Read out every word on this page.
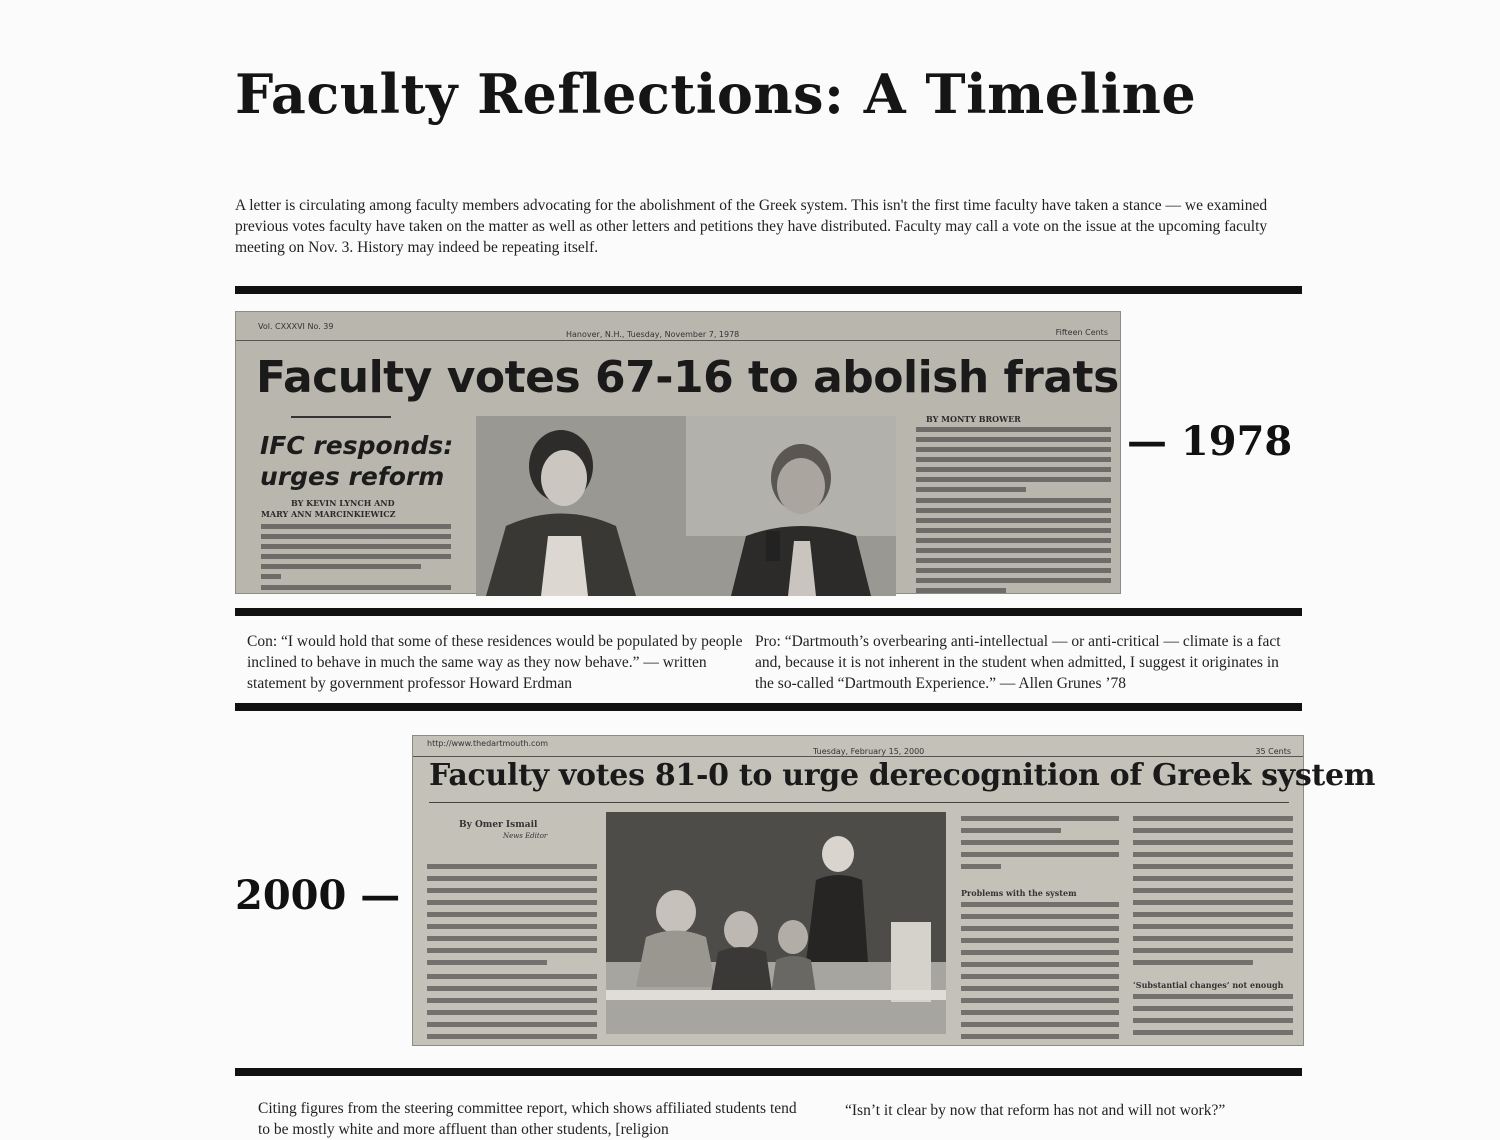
Faculty Reflections: A Timeline
A letter is circulating among faculty members advocating for the abolishment of the Greek system. This isn't the first time faculty have taken a stance — we examined previous votes faculty have taken on the matter as well as other letters and petitions they have distributed. Faculty may call a vote on the issue at the upcoming faculty meeting on Nov. 3. History may indeed be repeating itself.
Vol. CXXXVI No. 39
Hanover, N.H., Tuesday, November 7, 1978	Fifteen Cents
Faculty votes 67-16 to abolish frats
IFC responds:
urges reform
BY KEVIN LYNCH AND
MARY ANN MARCINKIEWICZ
BY MONTY BROWER	— 1978
Con: “I would hold that some of these residences would be populated by people inclined to behave in much the same way as they now behave.” — written statement by government professor Howard Erdman
Pro: “Dartmouth’s overbearing anti-intellectual — or anti-critical — climate is a fact and, because it is not inherent in the student when admitted, I suggest it originates in the so-called “Dartmouth Experience.” — Allen Grunes ’78
http://www.thedartmouth.com
Tuesday, February 15, 2000	35 Cents
Faculty votes 81-0 to urge derecognition of Greek system
By Omer Ismail
News Editor
Problems with the system
‘Substantial changes’ not enough
2000 —
Citing figures from the steering committee report, which shows affiliated students tend to be mostly white and more affluent than other students, [religion
“Isn’t it clear by now that reform has not and will not work?”
